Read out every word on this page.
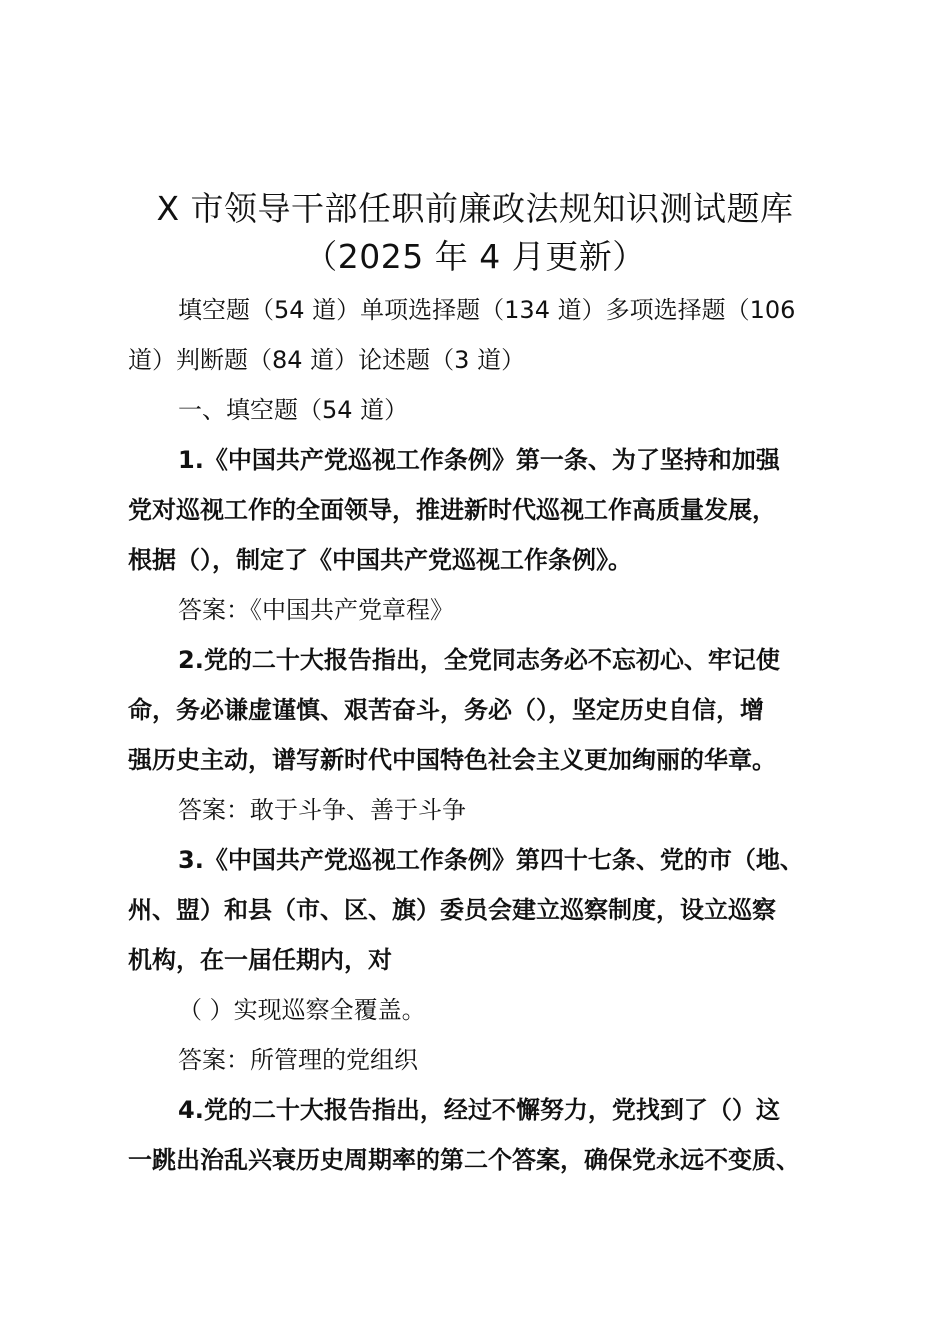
X 市领导干部任职前廉政法规知识测试题库
（2025 年 4 月更新）

填空题（54 道）单项选择题（134 道）多项选择题（106

道）判断题（84 道）论述题（3 道）

一、填空题（54 道）

1.《中国共产党巡视工作条例》第一条、为了坚持和加强

党对巡视工作的全面领导，推进新时代巡视工作高质量发展，

根据（），制定了《中国共产党巡视工作条例》。

答案：《中国共产党章程》

2.党的二十大报告指出，全党同志务必不忘初心、牢记使

命，务必谦虚谨慎、艰苦奋斗，务必（），坚定历史自信，增

强历史主动，谱写新时代中国特色社会主义更加绚丽的华章。

答案：敢于斗争、善于斗争

3.《中国共产党巡视工作条例》第四十七条、党的市（地、

州、盟）和县（市、区、旗）委员会建立巡察制度，设立巡察

机构，在一届任期内，对

（ ）实现巡察全覆盖。

答案：所管理的党组织

4.党的二十大报告指出，经过不懈努力，党找到了（）这

一跳出治乱兴衰历史周期率的第二个答案，确保党永远不变质、
